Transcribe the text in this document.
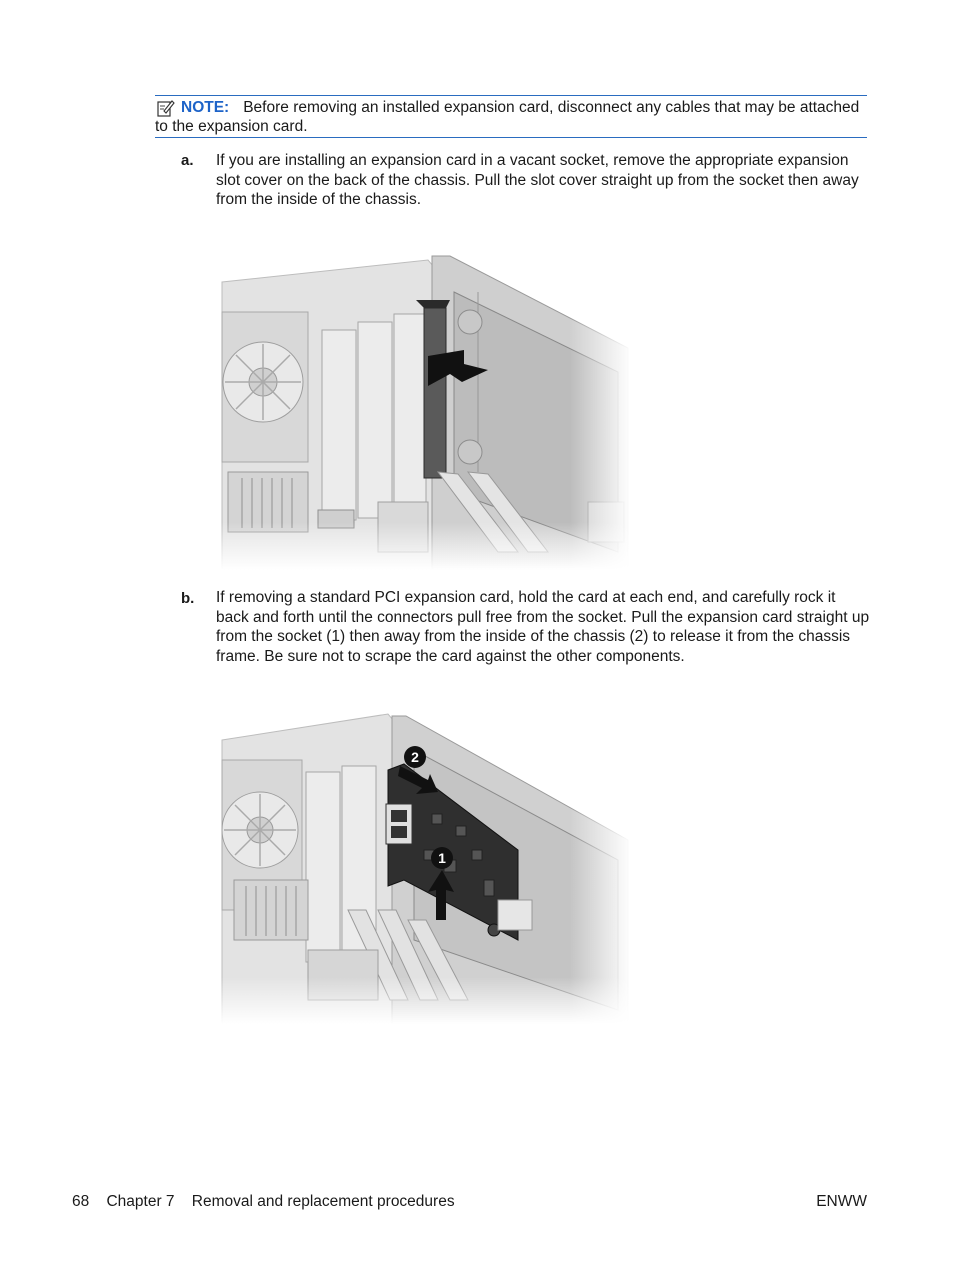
NOTE: Before removing an installed expansion card, disconnect any cables that may be attached
to the expansion card.
a. If you are installing an expansion card in a vacant socket, remove the appropriate expansion
slot cover on the back of the chassis. Pull the slot cover straight up from the socket then away
from the inside of the chassis.
b. If removing a standard PCI expansion card, hold the card at each end, and carefully rock it
back and forth until the connectors pull free from the socket. Pull the expansion card straight up
from the socket (1) then away from the inside of the chassis (2) to release it from the chassis
frame. Be sure not to scrape the card against the other components.
68 Chapter 7 Removal and replacement procedures	ENWW
